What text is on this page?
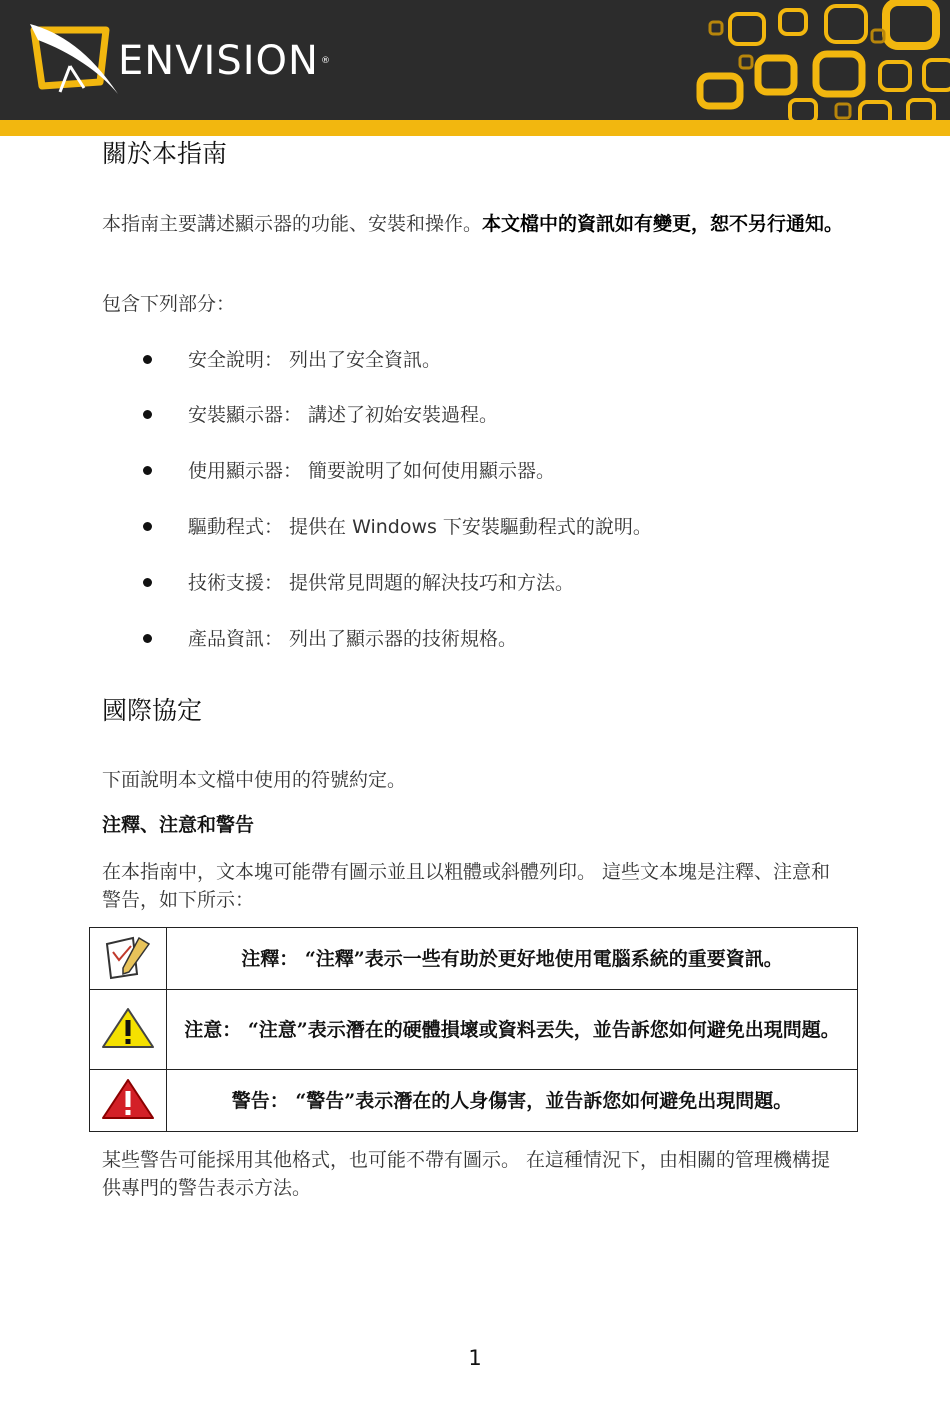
ENVISION ®
關於本指南

本指南主要講述顯示器的功能、安裝和操作。本文檔中的資訊如有變更，恕不另行通知。

包含下列部分：

安全說明： 列出了安全資訊。
安裝顯示器： 講述了初始安裝過程。
使用顯示器： 簡要說明了如何使用顯示器。
驅動程式： 提供在 Windows 下安裝驅動程式的說明。
技術支援： 提供常見問題的解決技巧和方法。
產品資訊： 列出了顯示器的技術規格。
國際協定

下面說明本文檔中使用的符號約定。

注釋、注意和警告

在本指南中，文本塊可能帶有圖示並且以粗體或斜體列印。 這些文本塊是注釋、注意和警告，如下所示：

	注釋： “注釋”表示一些有助於更好地使用電腦系統的重要資訊。
	注意： “注意”表示潛在的硬體損壞或資料丟失，並告訴您如何避免出現問題。
	警告： “警告”表示潛在的人身傷害，並告訴您如何避免出現問題。

某些警告可能採用其他格式，也可能不帶有圖示。 在這種情況下，由相關的管理機構提供專門的警告表示方法。

1
